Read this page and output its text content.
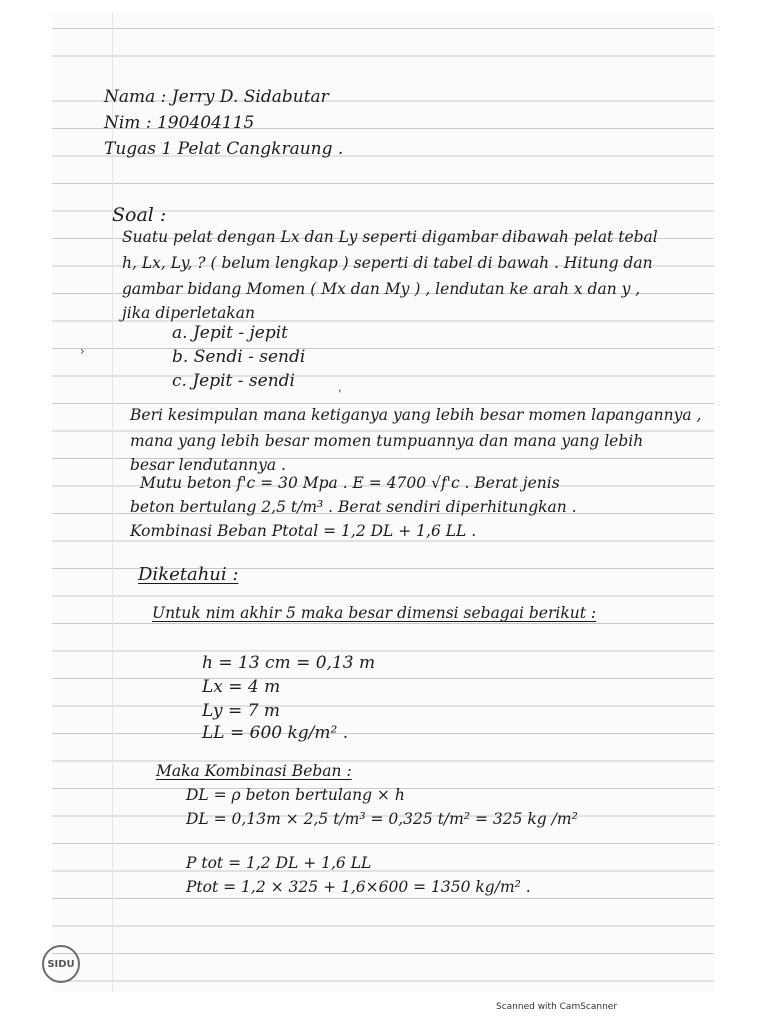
Nama : Jerry D. Sidabutar
Nim : 190404115
Tugas 1 Pelat Cangkraung .
Soal :
Suatu pelat dengan Lx dan Ly seperti digambar dibawah pelat tebal
h, Lx, Ly, ? ( belum lengkap ) seperti di tabel di bawah . Hitung dan
gambar bidang Momen ( Mx dan My ) , lendutan ke arah x dan y ,
jika diperletakan
a. Jepit - jepit
b. Sendi - sendi
c. Jepit - sendi
Beri kesimpulan mana ketiganya yang lebih besar momen lapangannya ,
mana yang lebih besar momen tumpuannya dan mana yang lebih
besar lendutannya .
Mutu beton f'c = 30 Mpa . E = 4700 √f'c . Berat jenis
beton bertulang 2,5 t/m³ . Berat sendiri diperhitungkan .
Kombinasi Beban Ptotal = 1,2 DL + 1,6 LL .
Diketahui :
Untuk nim akhir 5 maka besar dimensi sebagai berikut :
h = 13 cm = 0,13 m
Lx = 4 m
Ly = 7 m
LL = 600 kg/m² .
Maka Kombinasi Beban :
DL = ρ beton bertulang × h
DL = 0,13m × 2,5 t/m³ = 0,325 t/m² = 325 kg /m²
P tot = 1,2 DL + 1,6 LL
Ptot = 1,2 × 325 + 1,6×600 = 1350 kg/m² .
›
,
SIDU
Scanned with CamScanner
